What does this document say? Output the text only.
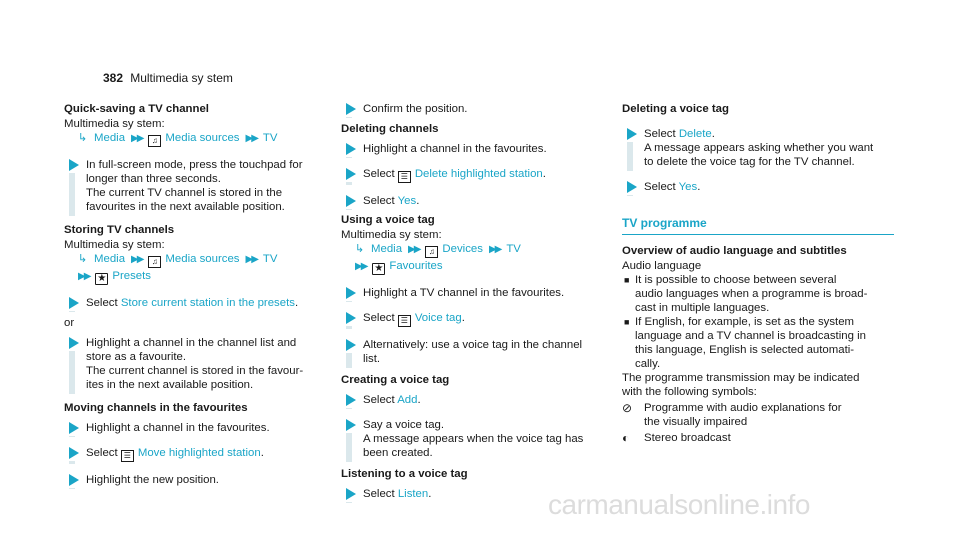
382 Multimedia sy stem
Quick-saving a TV channel
Multimedia sy stem:
↳ Media ▶▶ ♫ Media sources ▶▶ TV
In full-screen mode, press the touchpad for
longer than three seconds.
The current TV channel is stored in the
favourites in the next available position.
Storing TV channels
Multimedia sy stem:
↳ Media ▶▶ ♫ Media sources ▶▶ TV
▶▶ ★ Presets
Select Store current station in the presets.
or
Highlight a channel in the channel list and
store as a favourite.
The current channel is stored in the favour-
ites in the next available position.
Moving channels in the favourites
Highlight a channel in the favourites.
Select ☰ Move highlighted station.
Highlight the new position.
Confirm the position.
Deleting channels
Highlight a channel in the favourites.
Select ☰ Delete highlighted station.
Select Yes.
Using a voice tag
Multimedia sy stem:
↳ Media ▶▶ ♫ Devices ▶▶ TV
▶▶ ★ Favourites
Highlight a TV channel in the favourites.
Select ☰ Voice tag.
Alternatively: use a voice tag in the channel
list.
Creating a voice tag
Select Add.
Say a voice tag.
A message appears when the voice tag has
been created.
Listening to a voice tag
Select Listen.
Deleting a voice tag
Select Delete.
A message appears asking whether you want
to delete the voice tag for the TV channel.
Select Yes.
TV programme
Overview of audio language and subtitles
Audio language
■ It is possible to choose between several
audio languages when a programme is broad-
cast in multiple languages.
■ If English, for example, is set as the system
language and a TV channel is broadcasting in
this language, English is selected automati-
cally.
The programme transmission may be indicated
with the following symbols:
⊘ Programme with audio explanations for
the visually impaired
◐ Stereo broadcast
carmanualsonline.info
